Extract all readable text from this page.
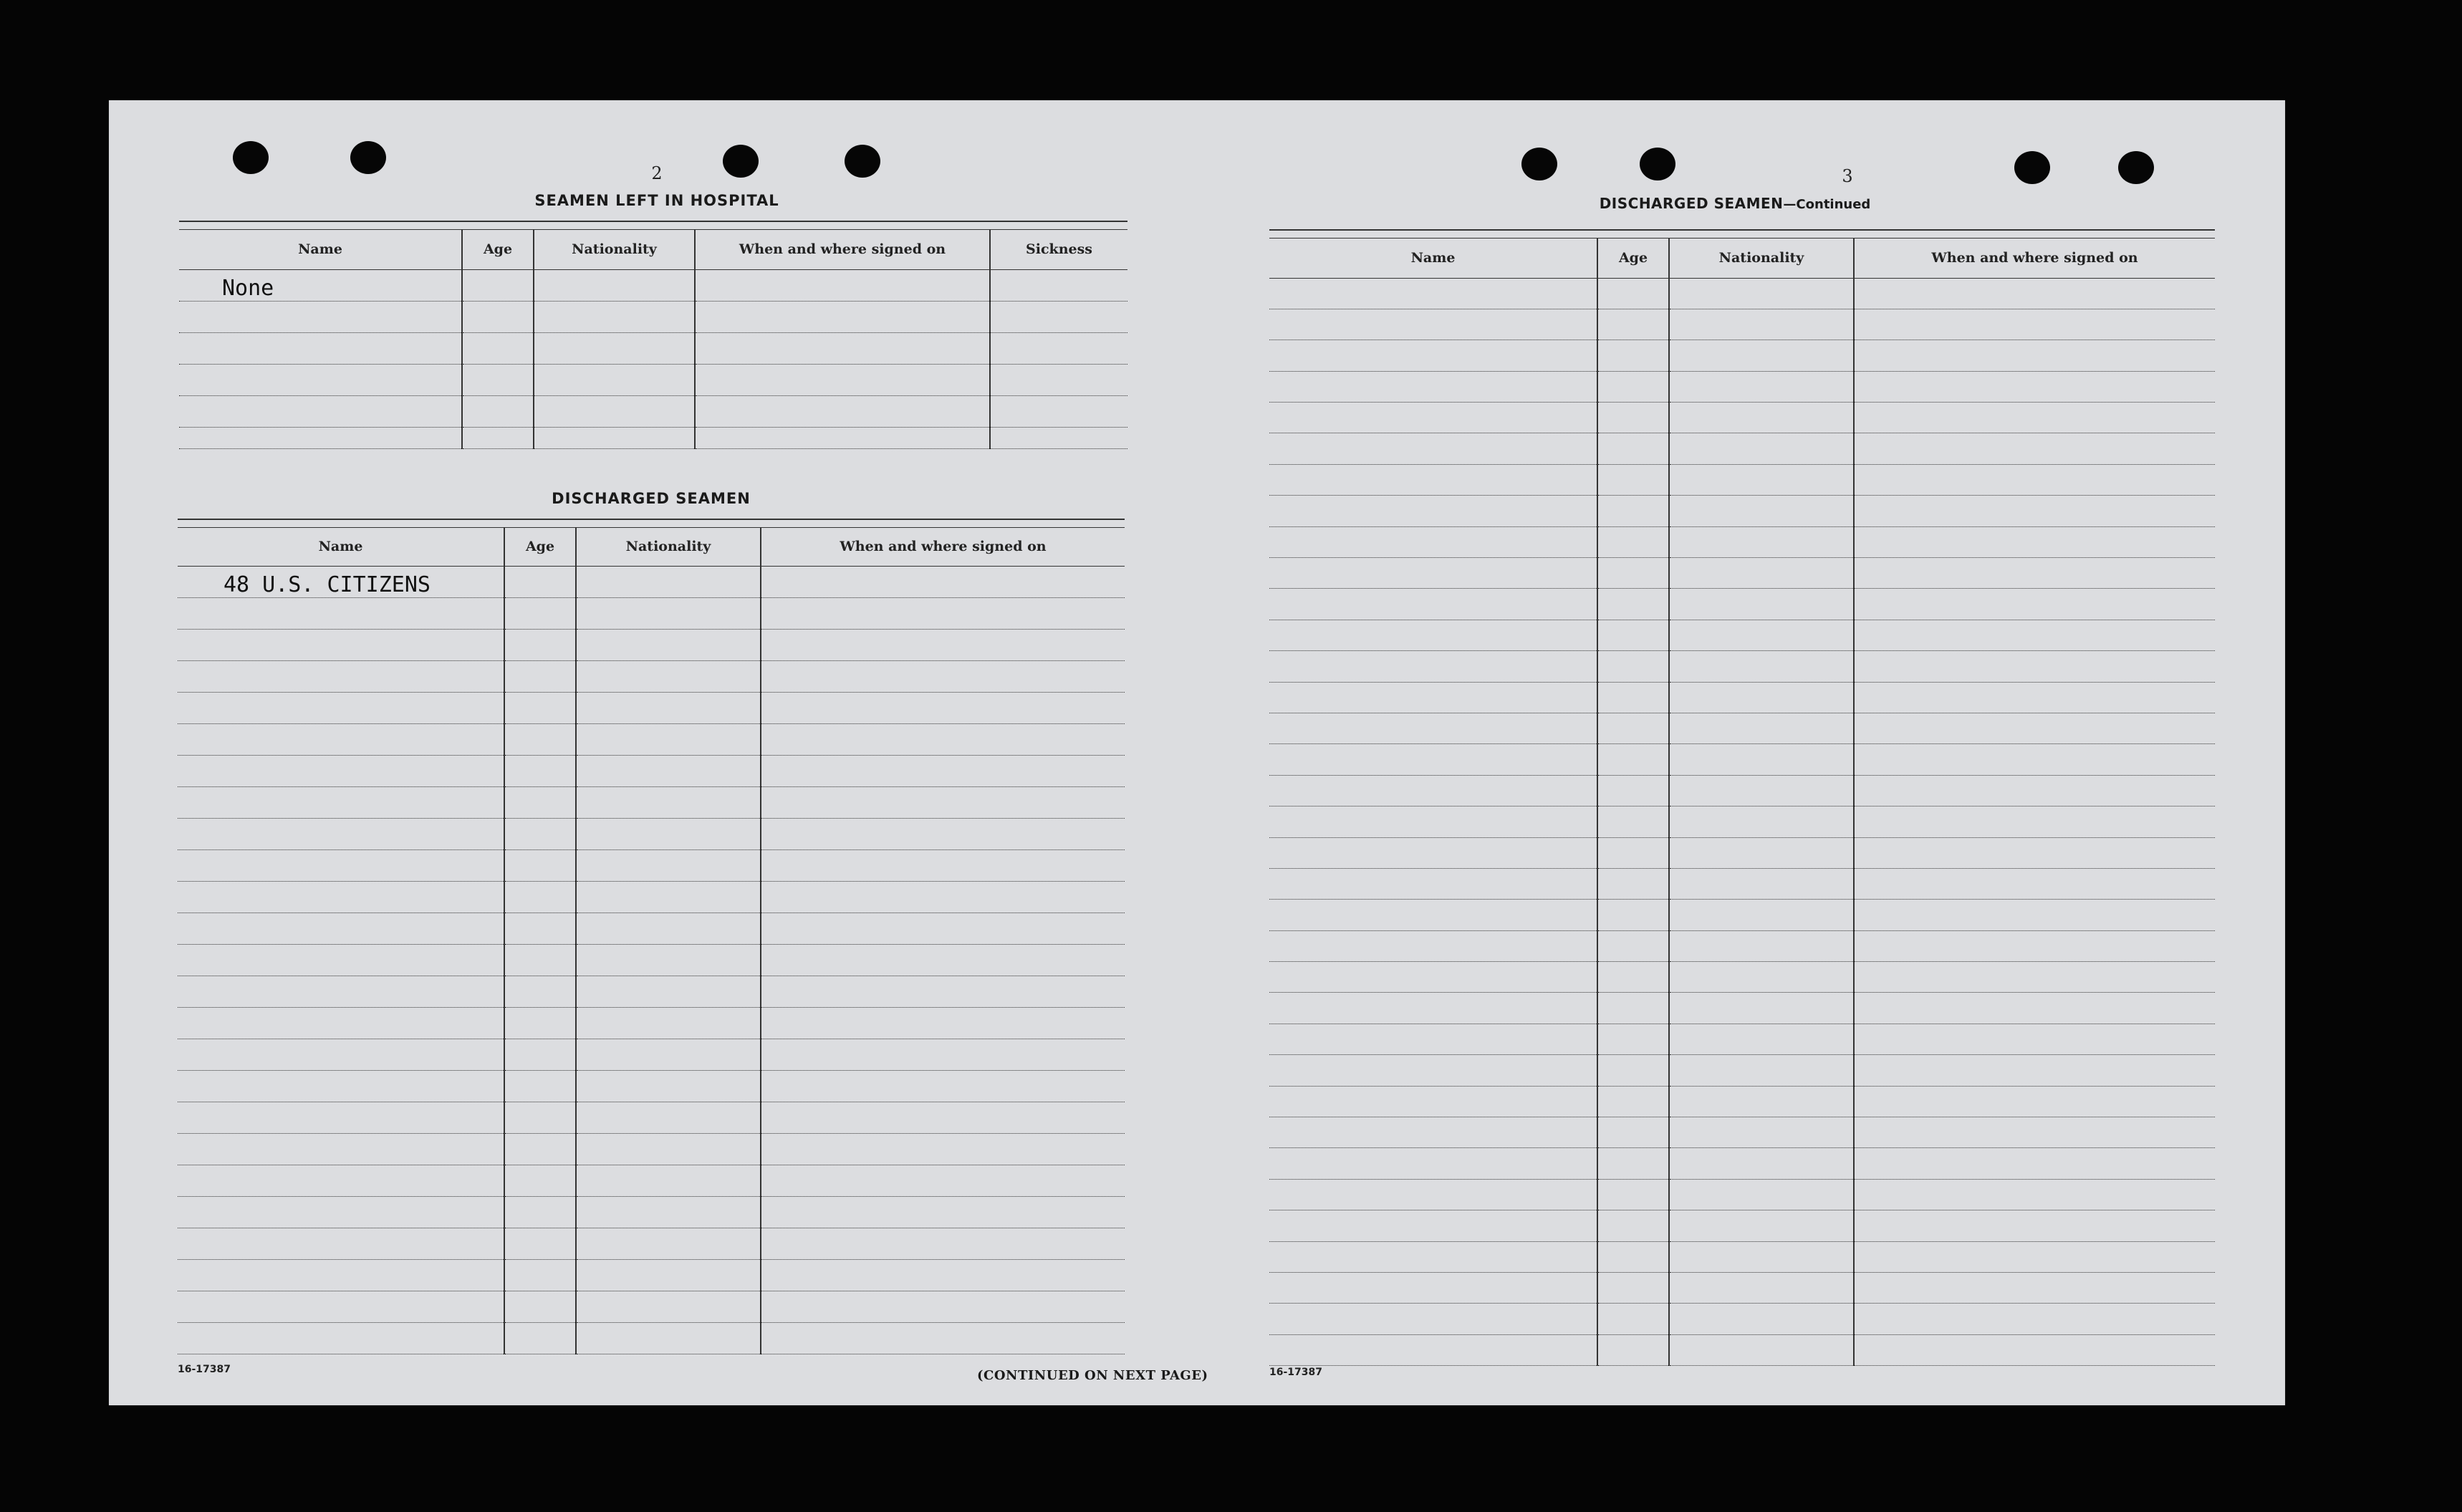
2
SEAMEN LEFT IN HOSPITAL
Name	Age	Nationality	When and where signed on	Sickness
None				

DISCHARGED SEAMEN
Name	Age	Nationality	When and where signed on
48 U.S. CITIZENS			

16-17387	(CONTINUED ON NEXT PAGE)
3
DISCHARGED SEAMEN—Continued
Name	Age	Nationality	When and where signed on

16-17387
